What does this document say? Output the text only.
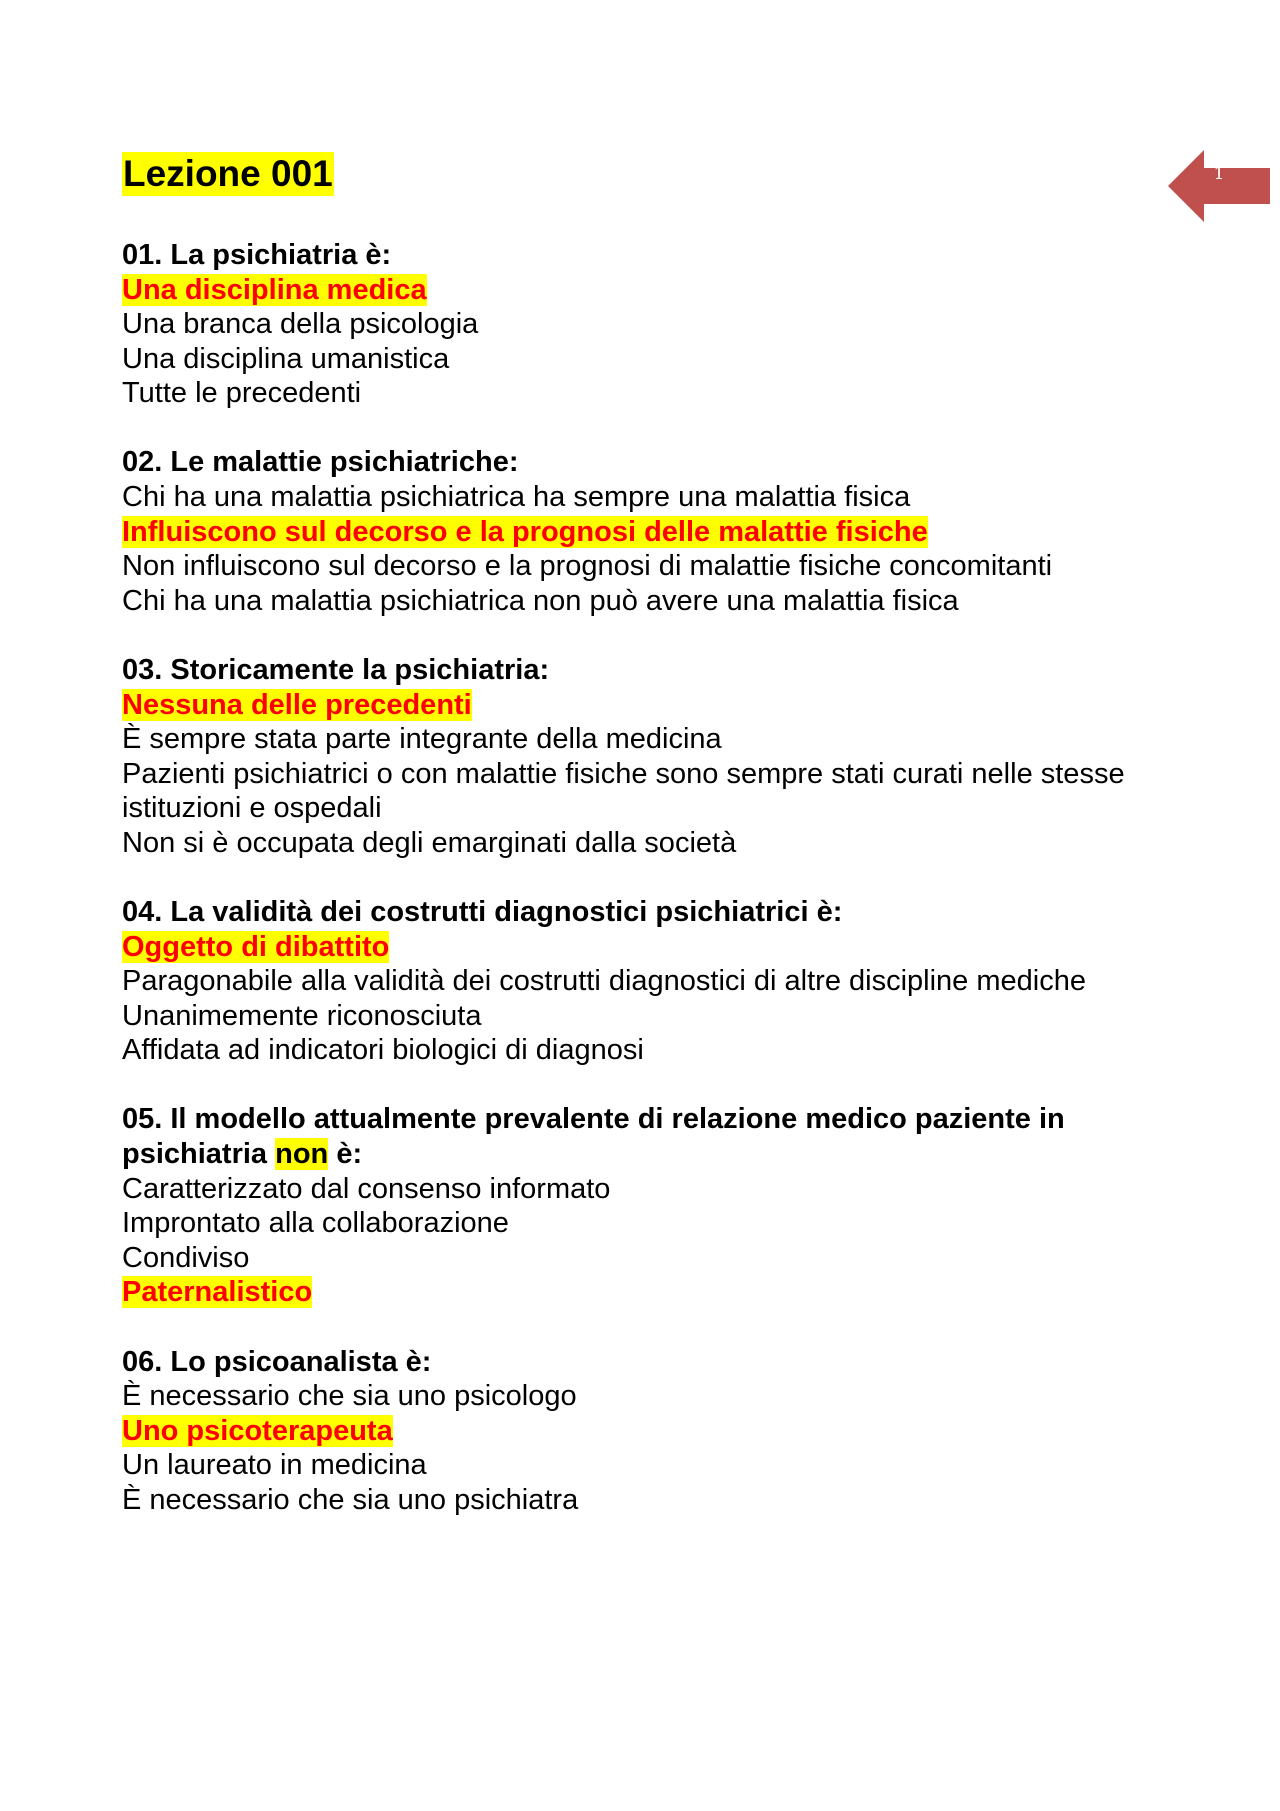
Lezione 001	1
01. La psichiatria è:
Una disciplina medica
Una branca della psicologia
Una disciplina umanistica
Tutte le precedenti
02. Le malattie psichiatriche:
Chi ha una malattia psichiatrica ha sempre una malattia fisica
Influiscono sul decorso e la prognosi delle malattie fisiche
Non influiscono sul decorso e la prognosi di malattie fisiche concomitanti
Chi ha una malattia psichiatrica non può avere una malattia fisica
03. Storicamente la psichiatria:
Nessuna delle precedenti
È sempre stata parte integrante della medicina
Pazienti psichiatrici o con malattie fisiche sono sempre stati curati nelle stesse istituzioni e ospedali
Non si è occupata degli emarginati dalla società
04. La validità dei costrutti diagnostici psichiatrici è:
Oggetto di dibattito
Paragonabile alla validità dei costrutti diagnostici di altre discipline mediche
Unanimemente riconosciuta
Affidata ad indicatori biologici di diagnosi
05. Il modello attualmente prevalente di relazione medico paziente in psichiatria non è:
Caratterizzato dal consenso informato
Improntato alla collaborazione
Condiviso
Paternalistico
06. Lo psicoanalista è:
È necessario che sia uno psicologo
Uno psicoterapeuta
Un laureato in medicina
È necessario che sia uno psichiatra
